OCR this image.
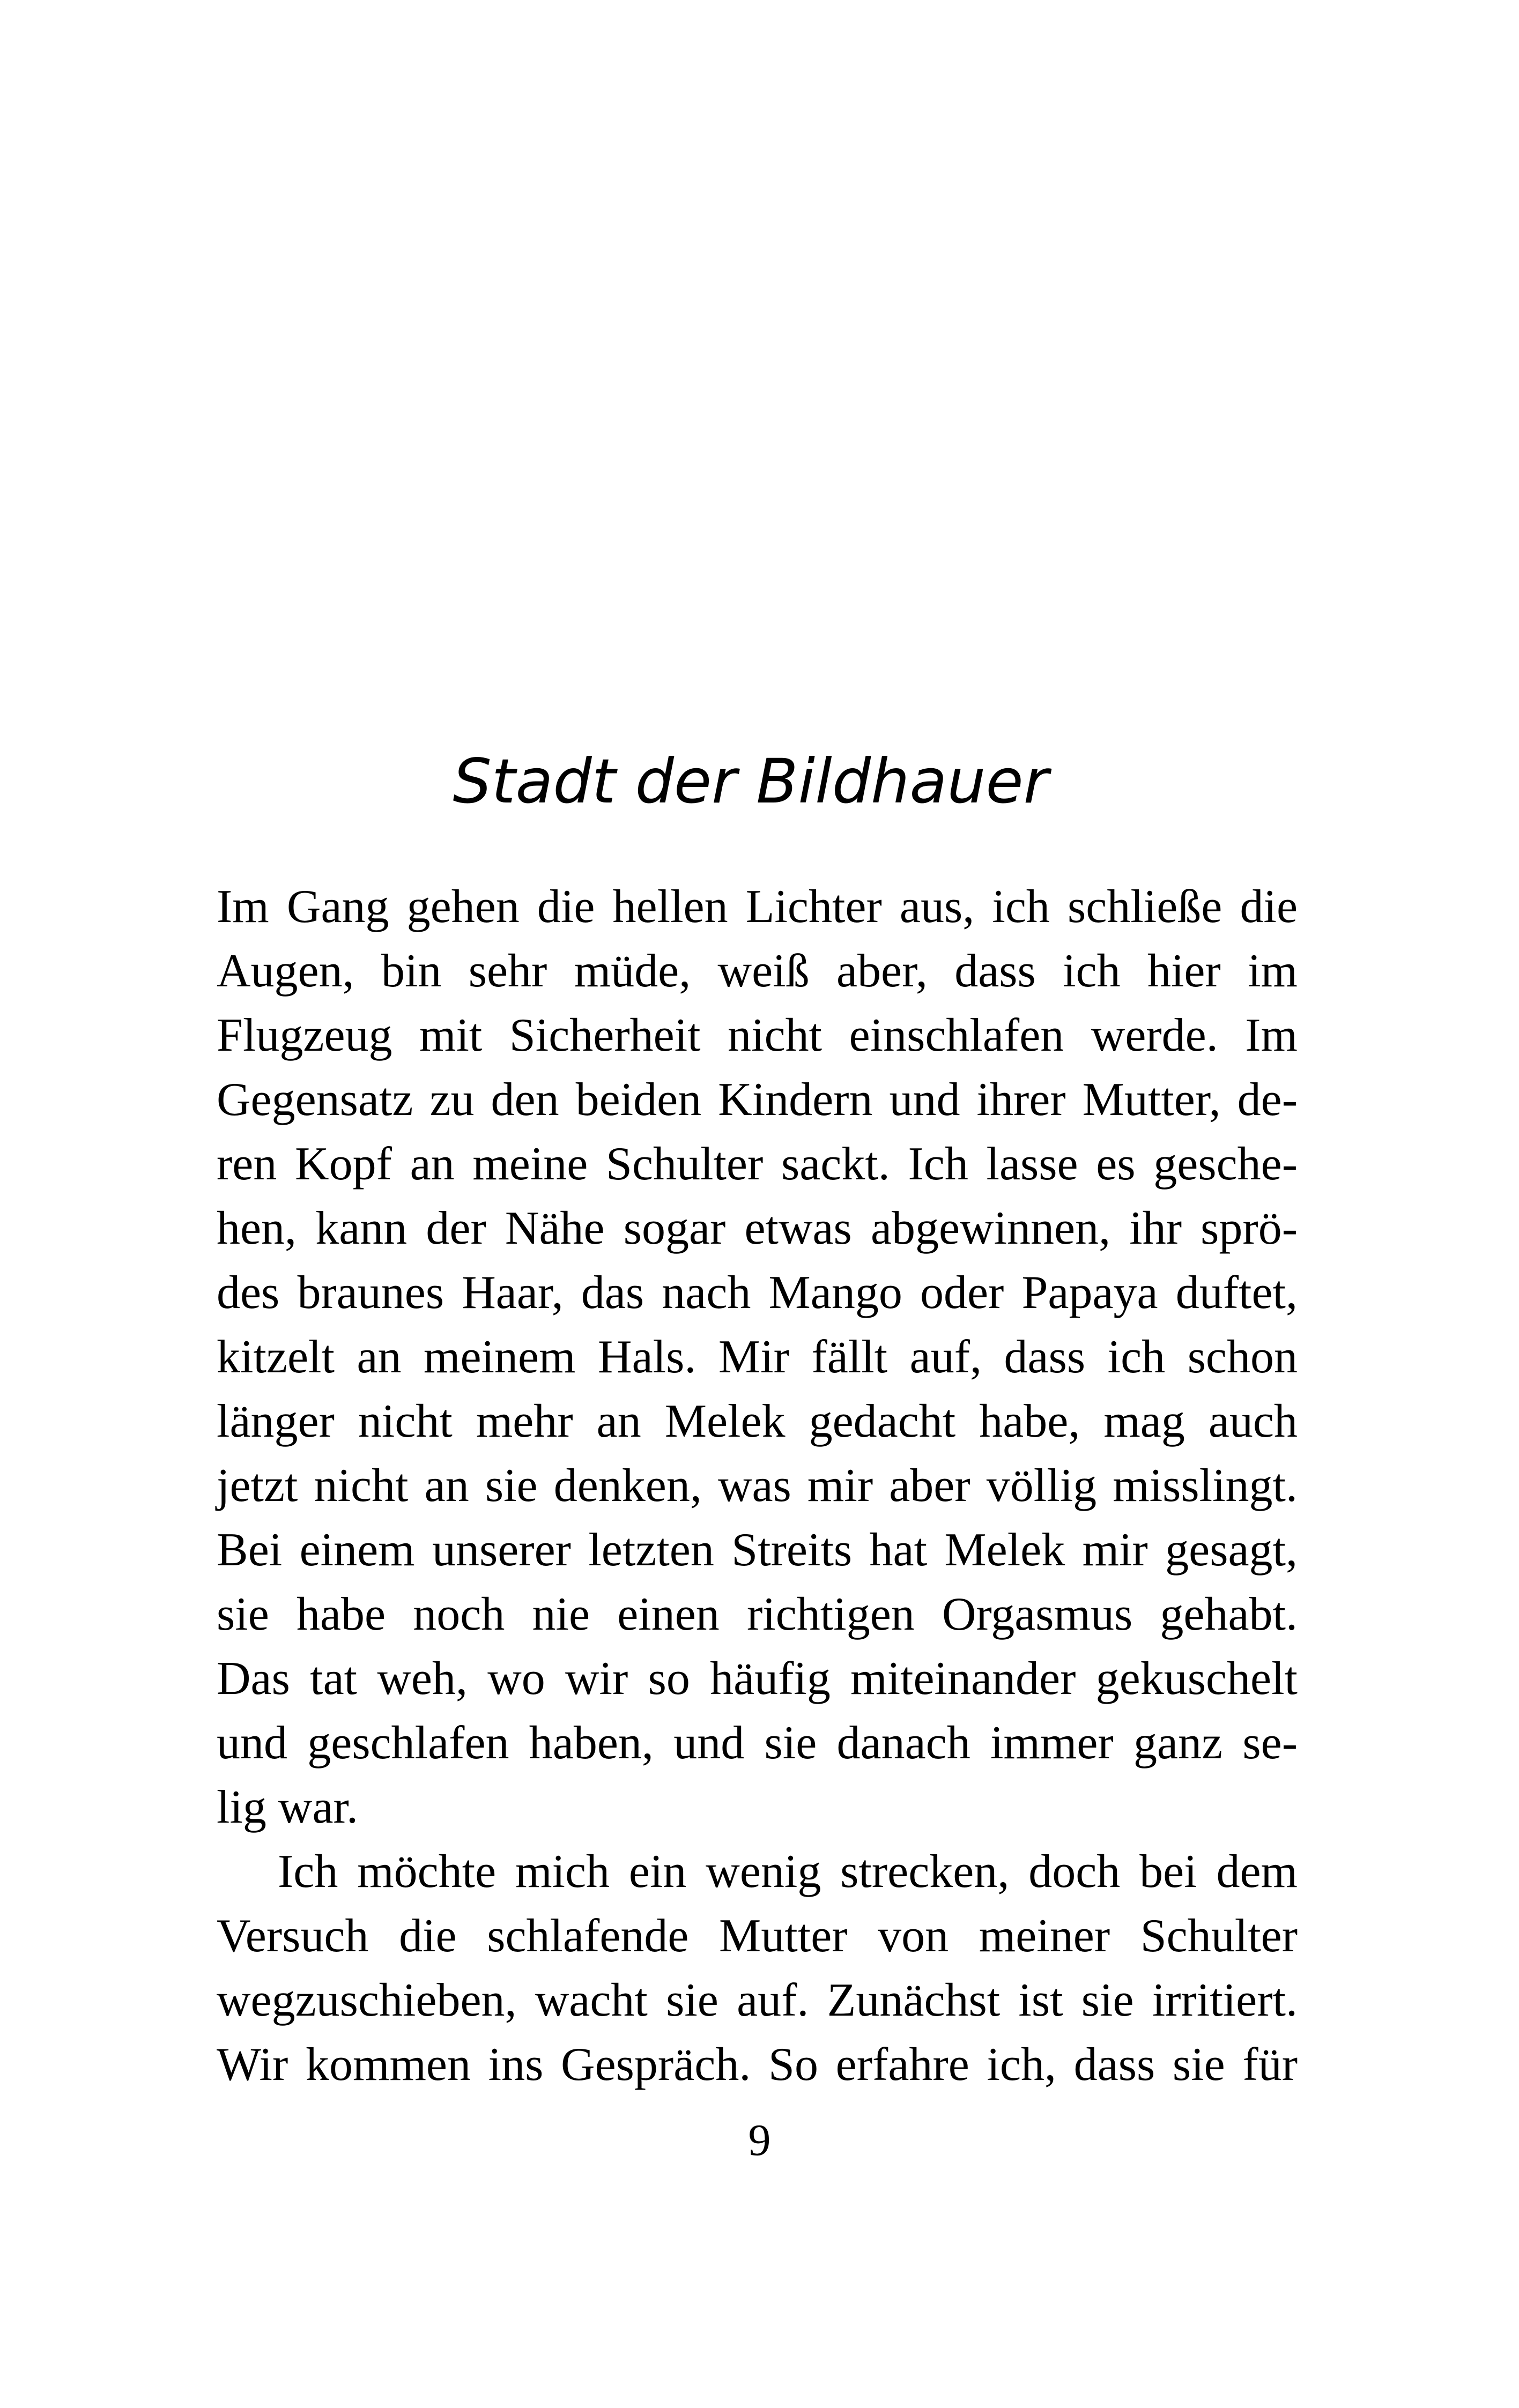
Stadt der Bildhauer
Im Gang gehen die hellen Lichter aus, ich schließe die
Augen, bin sehr müde, weiß aber, dass ich hier im
Flugzeug mit Sicherheit nicht einschlafen werde. Im
Gegensatz zu den beiden Kindern und ihrer Mutter, de-
ren Kopf an meine Schulter sackt. Ich lasse es gesche-
hen, kann der Nähe sogar etwas abgewinnen, ihr sprö-
des braunes Haar, das nach Mango oder Papaya duftet,
kitzelt an meinem Hals. Mir fällt auf, dass ich schon
länger nicht mehr an Melek gedacht habe, mag auch
jetzt nicht an sie denken, was mir aber völlig misslingt.
Bei einem unserer letzten Streits hat Melek mir gesagt,
sie habe noch nie einen richtigen Orgasmus gehabt.
Das tat weh, wo wir so häufig miteinander gekuschelt
und geschlafen haben, und sie danach immer ganz se-
lig war.
Ich möchte mich ein wenig strecken, doch bei dem
Versuch die schlafende Mutter von meiner Schulter
wegzuschieben, wacht sie auf. Zunächst ist sie irritiert.
Wir kommen ins Gespräch. So erfahre ich, dass sie für
9
